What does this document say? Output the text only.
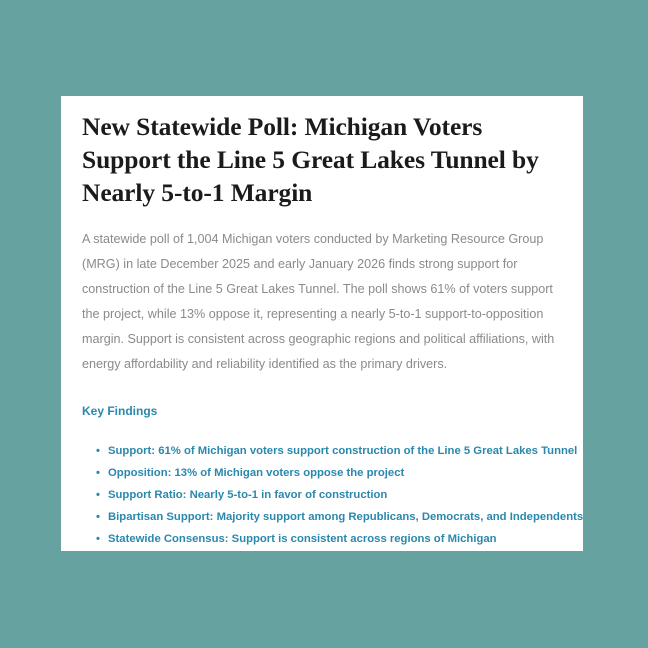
New Statewide Poll: Michigan Voters Support the Line 5 Great Lakes Tunnel by Nearly 5-to-1 Margin

A statewide poll of 1,004 Michigan voters conducted by Marketing Resource Group (MRG) in late December 2025 and early January 2026 finds strong support for construction of the Line 5 Great Lakes Tunnel. The poll shows 61% of voters support the project, while 13% oppose it, representing a nearly 5-to-1 support-to-opposition margin. Support is consistent across geographic regions and political affiliations, with energy affordability and reliability identified as the primary drivers.

Key Findings
• Support: 61% of Michigan voters support construction of the Line 5 Great Lakes Tunnel
• Opposition: 13% of Michigan voters oppose the project
• Support Ratio: Nearly 5-to-1 in favor of construction
• Bipartisan Support: Majority support among Republicans, Democrats, and Independents
• Statewide Consensus: Support is consistent across regions of Michigan
